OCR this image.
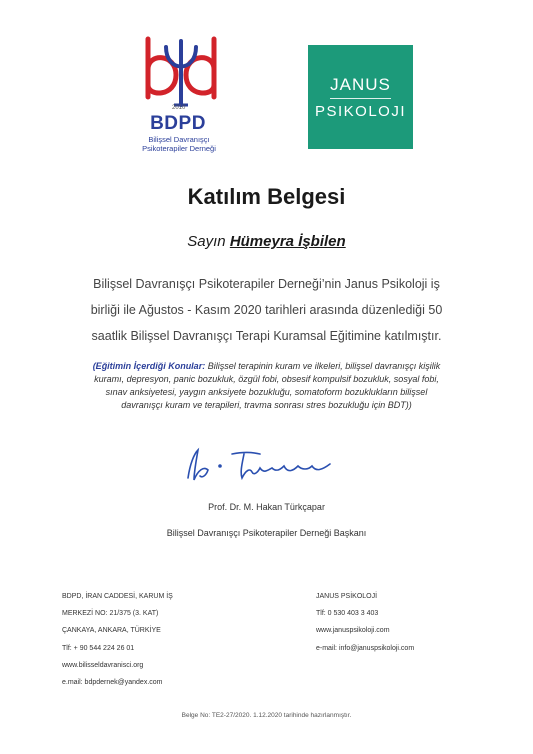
2010
BDPD
Bilişsel Davranışçı
Psikoterapiler Derneği
JANUS
PSIKOLOJI
Katılım Belgesi
Sayın Hümeyra İşbilen
Bilişsel Davranışçı Psikoterapiler Derneği’nin Janus Psikoloji iş
birliği ile Ağustos - Kasım 2020 tarihleri arasında düzenlediği 50
saatlik Bilişsel Davranışçı Terapi Kuramsal Eğitimine katılmıştır.
(Eğitimin İçerdiği Konular: Bilişsel terapinin kuram ve ilkeleri, bilişsel davranışçı kişilik
kuramı, depresyon, panic bozukluk, özgül fobi, obsesif kompulsif bozukluk, sosyal fobi,
sınav anksiyetesi, yaygın anksiyete bozukluğu, somatoform bozuklukların bilişsel
davranışçı kuram ve terapileri, travma sonrası stres bozukluğu için BDT))
Prof. Dr. M. Hakan Türkçapar
Bilişsel Davranışçı Psikoterapiler Derneği Başkanı
BDPD, İRAN CADDESİ, KARUM İŞ
MERKEZİ NO: 21/375 (3. KAT)
ÇANKAYA, ANKARA, TÜRKİYE
Tlf: + 90 544 224 26 01
www.bilisseldavranisci.org
e.mail: bdpdernek@yandex.com
JANUS PSİKOLOJİ
Tlf: 0 530 403 3 403
www.januspsikoloji.com
e-mail: info@januspsikoloji.com
Belge No: TE2-27/2020. 1.12.2020 tarihinde hazırlanmıştır.
